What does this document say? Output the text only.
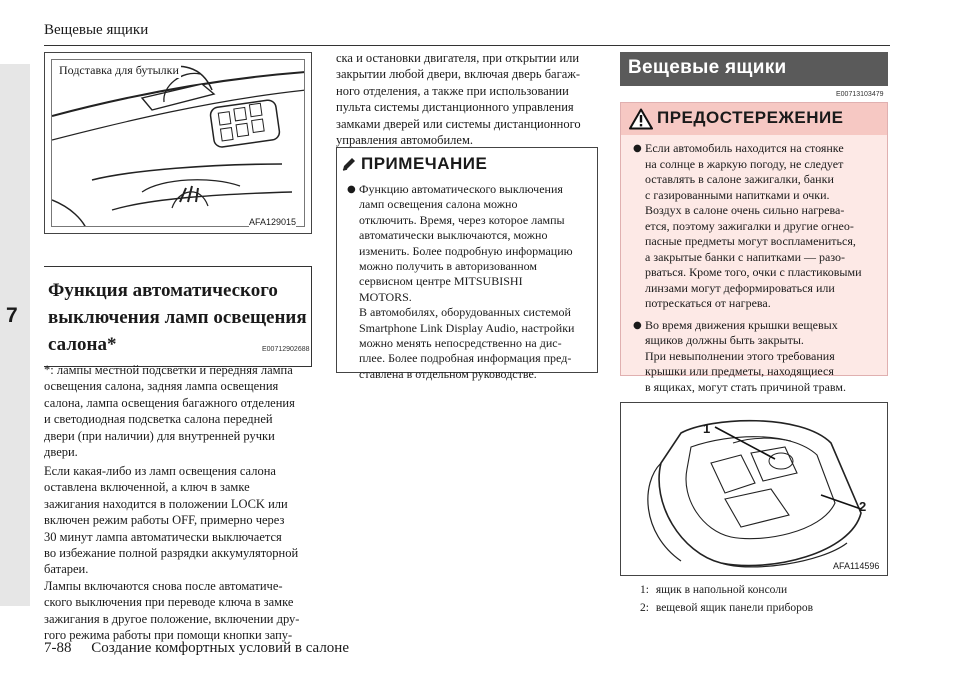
Вещевые ящики
7
Подставка для бутылки
AFA129015
Функция автоматического
выключения ламп освещения
салона*	E00712902688
*: лампы местной подсветки и передняя лампа
освещения салона, задняя лампа освещения
салона, лампа освещения багажного отделения
и светодиодная подсветка салона передней
двери (при наличии) для внутренней ручки
двери.
Если какая-либо из ламп освещения салона
оставлена включенной, а ключ в замке
зажигания находится в положении LOCK или
включен режим работы OFF, примерно через
30 минут лампа автоматически выключается
во избежание полной разрядки аккумуляторной
батареи.
Лампы включаются снова после автоматиче-
ского выключения при переводе ключа в замке
зажигания в другое положение, включении дру-
гого режима работы при помощи кнопки запу-
ска и остановки двигателя, при открытии или
закрытии любой двери, включая дверь багаж-
ного отделения, а также при использовании
пульта системы дистанционного управления
замками дверей или системы дистанционного
управления автомобилем.
ПРИМЕЧАНИЕ
● Функцию автоматического выключения
ламп освещения салона можно
отключить. Время, через которое лампы
автоматически выключаются, можно
изменить. Более подробную информацию
можно получить в авторизованном
сервисном центре MITSUBISHI
MOTORS.
В автомобилях, оборудованных системой
Smartphone Link Display Audio, настройки
можно менять непосредственно на дис-
плее. Более подробная информация пред-
ставлена в отдельном руководстве.
Вещевые ящики
E00713103479
ПРЕДОСТЕРЕЖЕНИЕ
● Если автомобиль находится на стоянке
на солнце в жаркую погоду, не следует
оставлять в салоне зажигалки, банки
с газированными напитками и очки.
Воздух в салоне очень сильно нагрева-
ется, поэтому зажигалки и другие огнео-
пасные предметы могут воспламениться,
а закрытые банки с напитками — разо-
рваться. Кроме того, очки с пластиковыми
линзами могут деформироваться или
потрескаться от нагрева.
● Во время движения крышки вещевых
ящиков должны быть закрыты.
При невыполнении этого требования
крышки или предметы, находящиеся
в ящиках, могут стать причиной травм.
1
2
AFA114596
1: ящик в напольной консоли
2: вещевой ящик панели приборов
7-88 Создание комфортных условий в салоне
